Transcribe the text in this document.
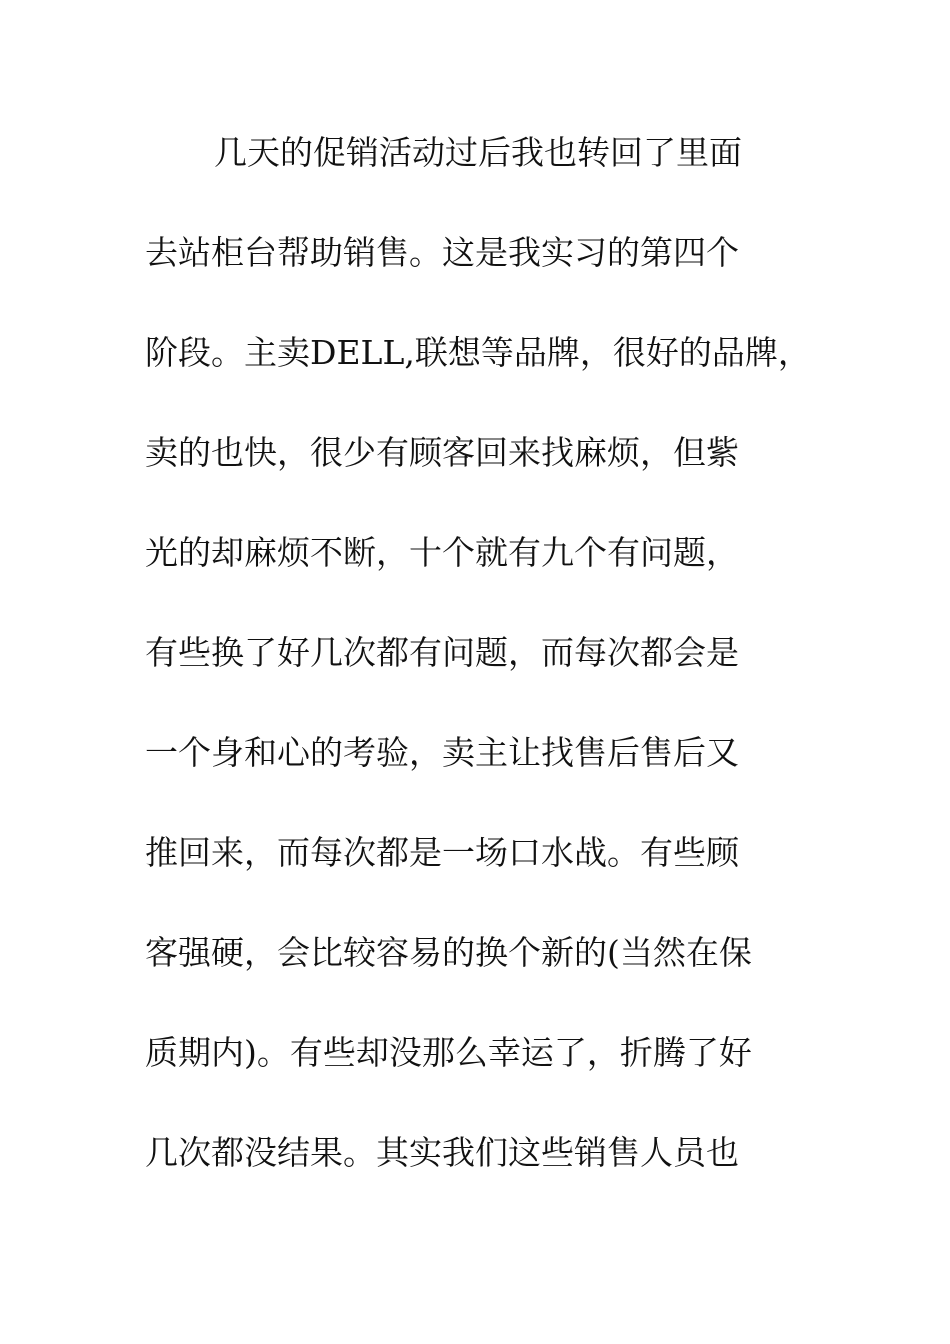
几天的促销活动过后我也转回了里面
去站柜台帮助销售。这是我实习的第四个
阶段。主卖DELL,联想等品牌，很好的品牌，
卖的也快，很少有顾客回来找麻烦，但紫
光的却麻烦不断，十个就有九个有问题，
有些换了好几次都有问题，而每次都会是
一个身和心的考验，卖主让找售后售后又
推回来，而每次都是一场口水战。有些顾
客强硬，会比较容易的换个新的(当然在保
质期内)。有些却没那么幸运了，折腾了好
几次都没结果。其实我们这些销售人员也
